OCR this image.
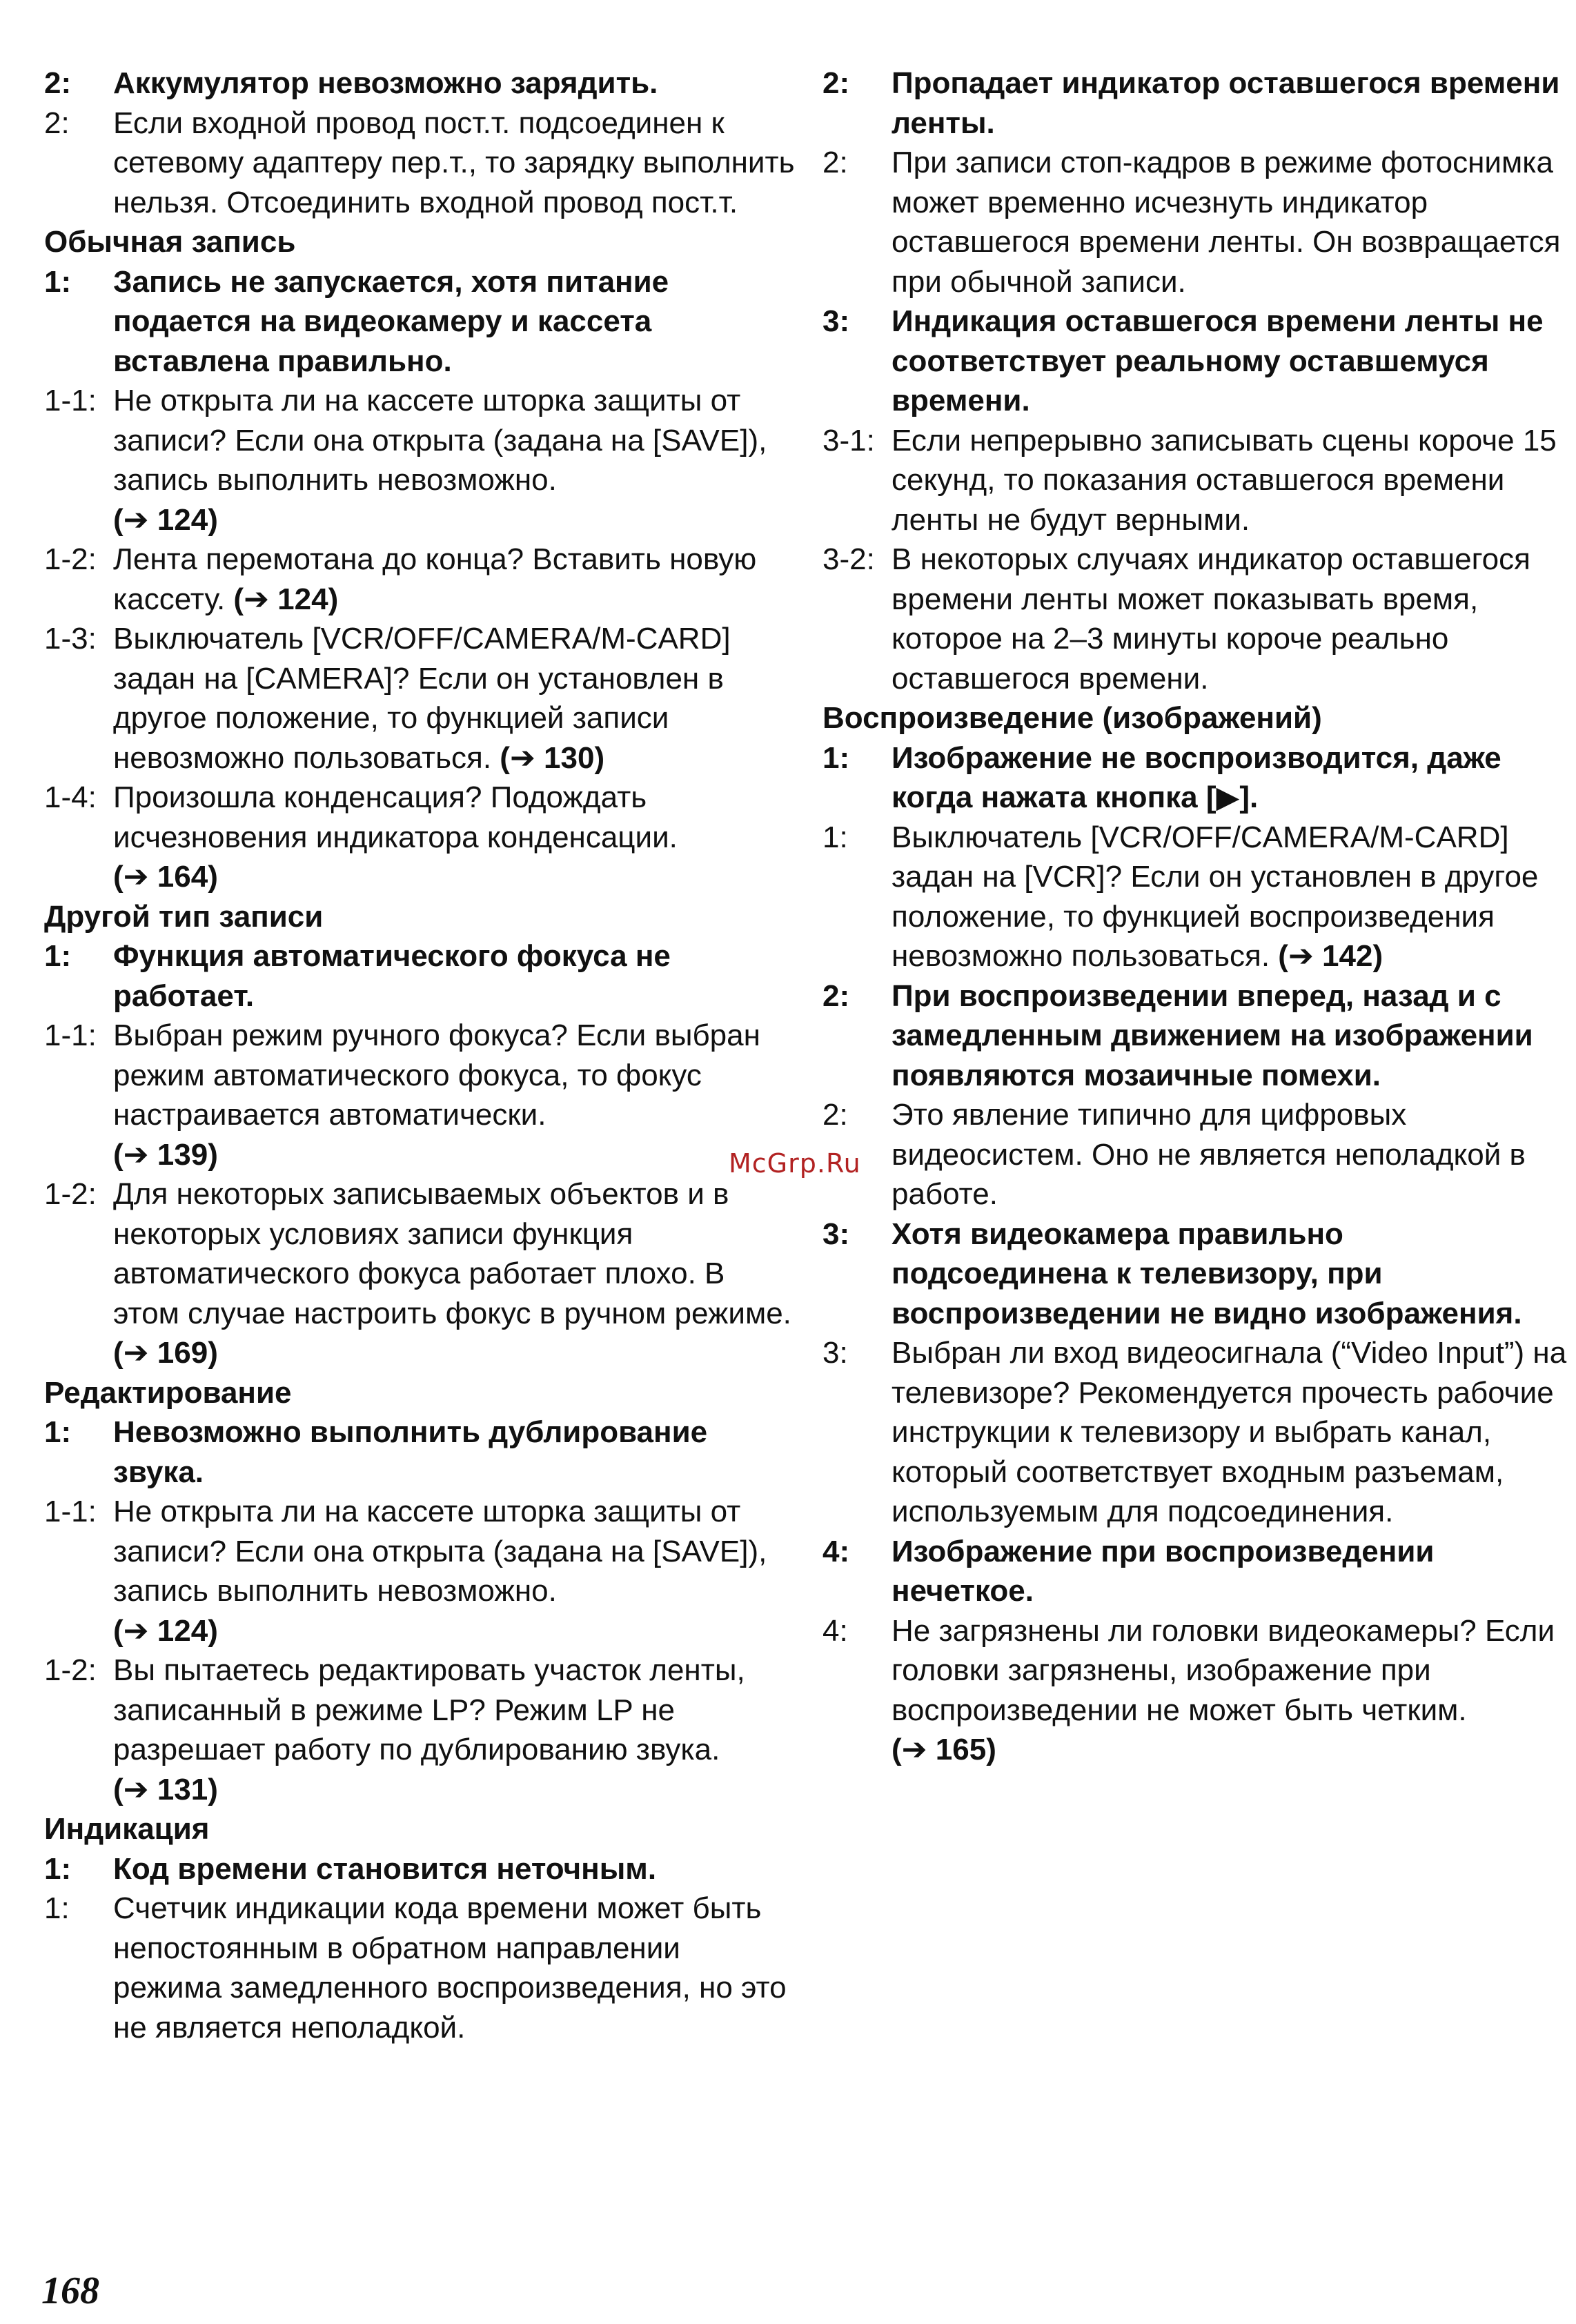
2:	Аккумулятор невозможно зарядить.
2:	Если входной провод пост.т. подсоединен к сетевому адаптеру пер.т., то зарядку выполнить нельзя. Отсоединить входной провод пост.т.
Обычная запись
1:	Запись не запускается, хотя питание подается на видеокамеру и кассета вставлена правильно.
1-1: Не открыта ли на кассете шторка защиты от записи? Если она открыта (задана на [SAVE]), запись выполнить невозможно.
(➔ 124)
1-2: Лента перемотана до конца? Вставить новую кассету. (➔ 124)
1-3: Выключатель [VCR/OFF/CAMERA/M-CARD] задан на [CAMERA]? Если он установлен в другое положение, то функцией записи невозможно пользоваться. (➔ 130)
1-4: Произошла конденсация? Подождать исчезновения индикатора конденсации.
(➔ 164)
Другой тип записи
1:	Функция автоматического фокуса не работает.
1-1: Выбран режим ручного фокуса? Если выбран режим автоматического фокуса, то фокус настраивается автоматически.
(➔ 139)
1-2: Для некоторых записываемых объектов и в некоторых условиях записи функция автоматического фокуса работает плохо. В этом случае настроить фокус в ручном режиме. (➔ 169)
Редактирование
1:	Невозможно выполнить дублирование звука.
1-1: Не открыта ли на кассете шторка защиты от записи? Если она открыта (задана на [SAVE]), запись выполнить невозможно.
(➔ 124)
1-2: Вы пытаетесь редактировать участок ленты, записанный в режиме LP? Режим LP не разрешает работу по дублированию звука. (➔ 131)
Индикация
1:	Код времени становится неточным.
1:	Счетчик индикации кода времени может быть непостоянным в обратном направлении режима замедленного воспроизведения, но это не является неполадкой.
2:	Пропадает индикатор оставшегося времени ленты.
2:	При записи стоп-кадров в режиме фотоснимка может временно исчезнуть индикатор оставшегося времени ленты. Он возвращается при обычной записи.
3:	Индикация оставшегося времени ленты не соответствует реальному оставшемуся времени.
3-1: Если непрерывно записывать сцены короче 15 секунд, то показания оставшегося времени ленты не будут верными.
3-2: В некоторых случаях индикатор оставшегося времени ленты может показывать время, которое на 2–3 минуты короче реально оставшегося времени.
Воспроизведение (изображений)
1:	Изображение не воспроизводится, даже когда нажата кнопка [▶].
1:	Выключатель [VCR/OFF/CAMERA/M-CARD] задан на [VCR]? Если он установлен в другое положение, то функцией воспроизведения невозможно пользоваться. (➔ 142)
2:	При воспроизведении вперед, назад и с замедленным движением на изображении появляются мозаичные помехи.
2:	Это явление типично для цифровых видеосистем. Оно не является неполадкой в работе.
3:	Хотя видеокамера правильно подсоединена к телевизору, при воспроизведении не видно изображения.
3:	Выбран ли вход видеосигнала (“Video Input”) на телевизоре? Рекомендуется прочесть рабочие инструкции к телевизору и выбрать канал, который соответствует входным разъемам, используемым для подсоединения.
4:	Изображение при воспроизведении нечеткое.
4:	Не загрязнены ли головки видеокамеры? Если головки загрязнены, изображение при воспроизведении не может быть четким.
(➔ 165)
McGrp.Ru
168
